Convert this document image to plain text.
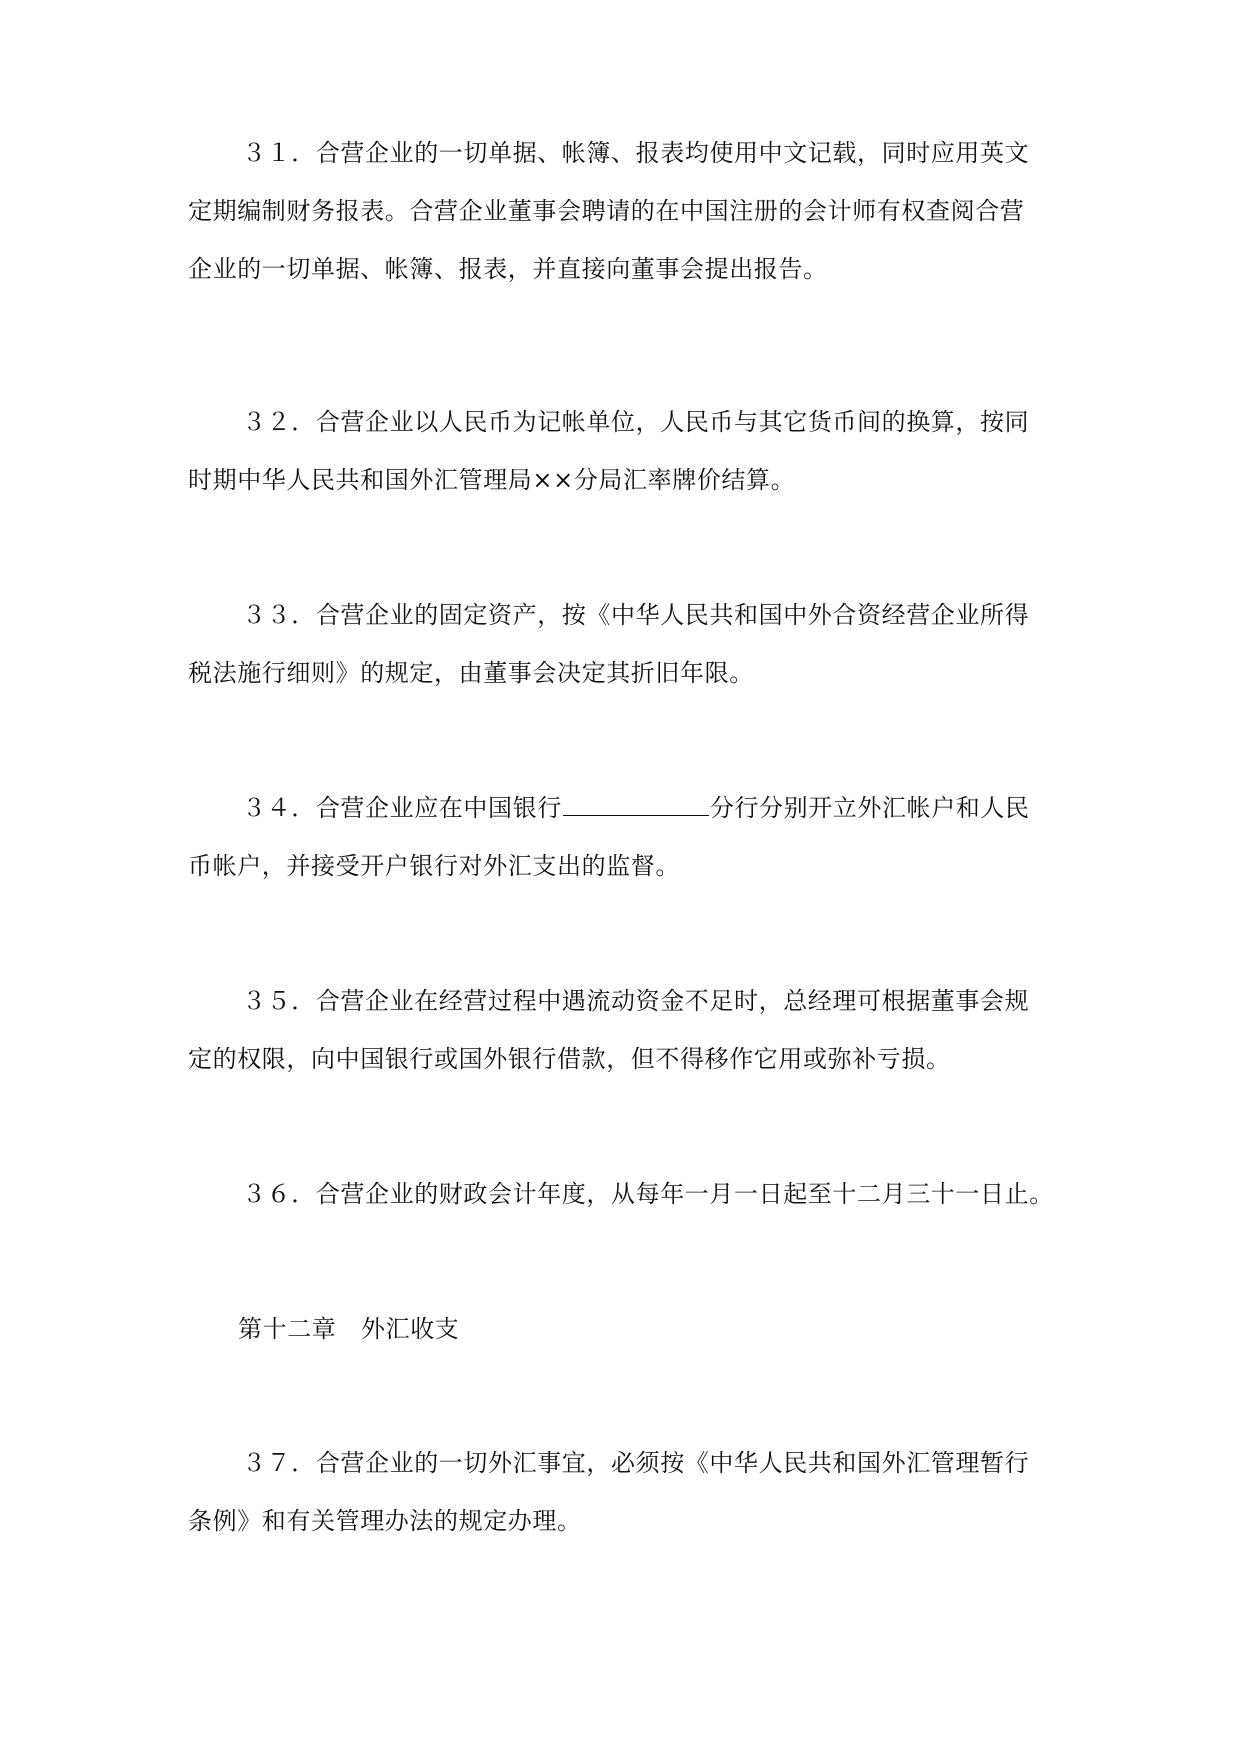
３１．合营企业的一切单据、帐簿、报表均使用中文记载，同时应用英文
定期编制财务报表。合营企业董事会聘请的在中国注册的会计师有权查阅合营
企业的一切单据、帐簿、报表，并直接向董事会提出报告。
３２．合营企业以人民币为记帐单位，人民币与其它货币间的换算，按同
时期中华人民共和国外汇管理局××分局汇率牌价结算。
３３．合营企业的固定资产，按《中华人民共和国中外合资经营企业所得
税法施行细则》的规定，由董事会决定其折旧年限。
３４．合营企业应在中国银行	分行分别开立外汇帐户和人民
币帐户，并接受开户银行对外汇支出的监督。
３５．合营企业在经营过程中遇流动资金不足时，总经理可根据董事会规
定的权限，向中国银行或国外银行借款，但不得移作它用或弥补亏损。
３６．合营企业的财政会计年度，从每年一月一日起至十二月三十一日止。
第十二章　外汇收支
３７．合营企业的一切外汇事宜，必须按《中华人民共和国外汇管理暂行
条例》和有关管理办法的规定办理。
